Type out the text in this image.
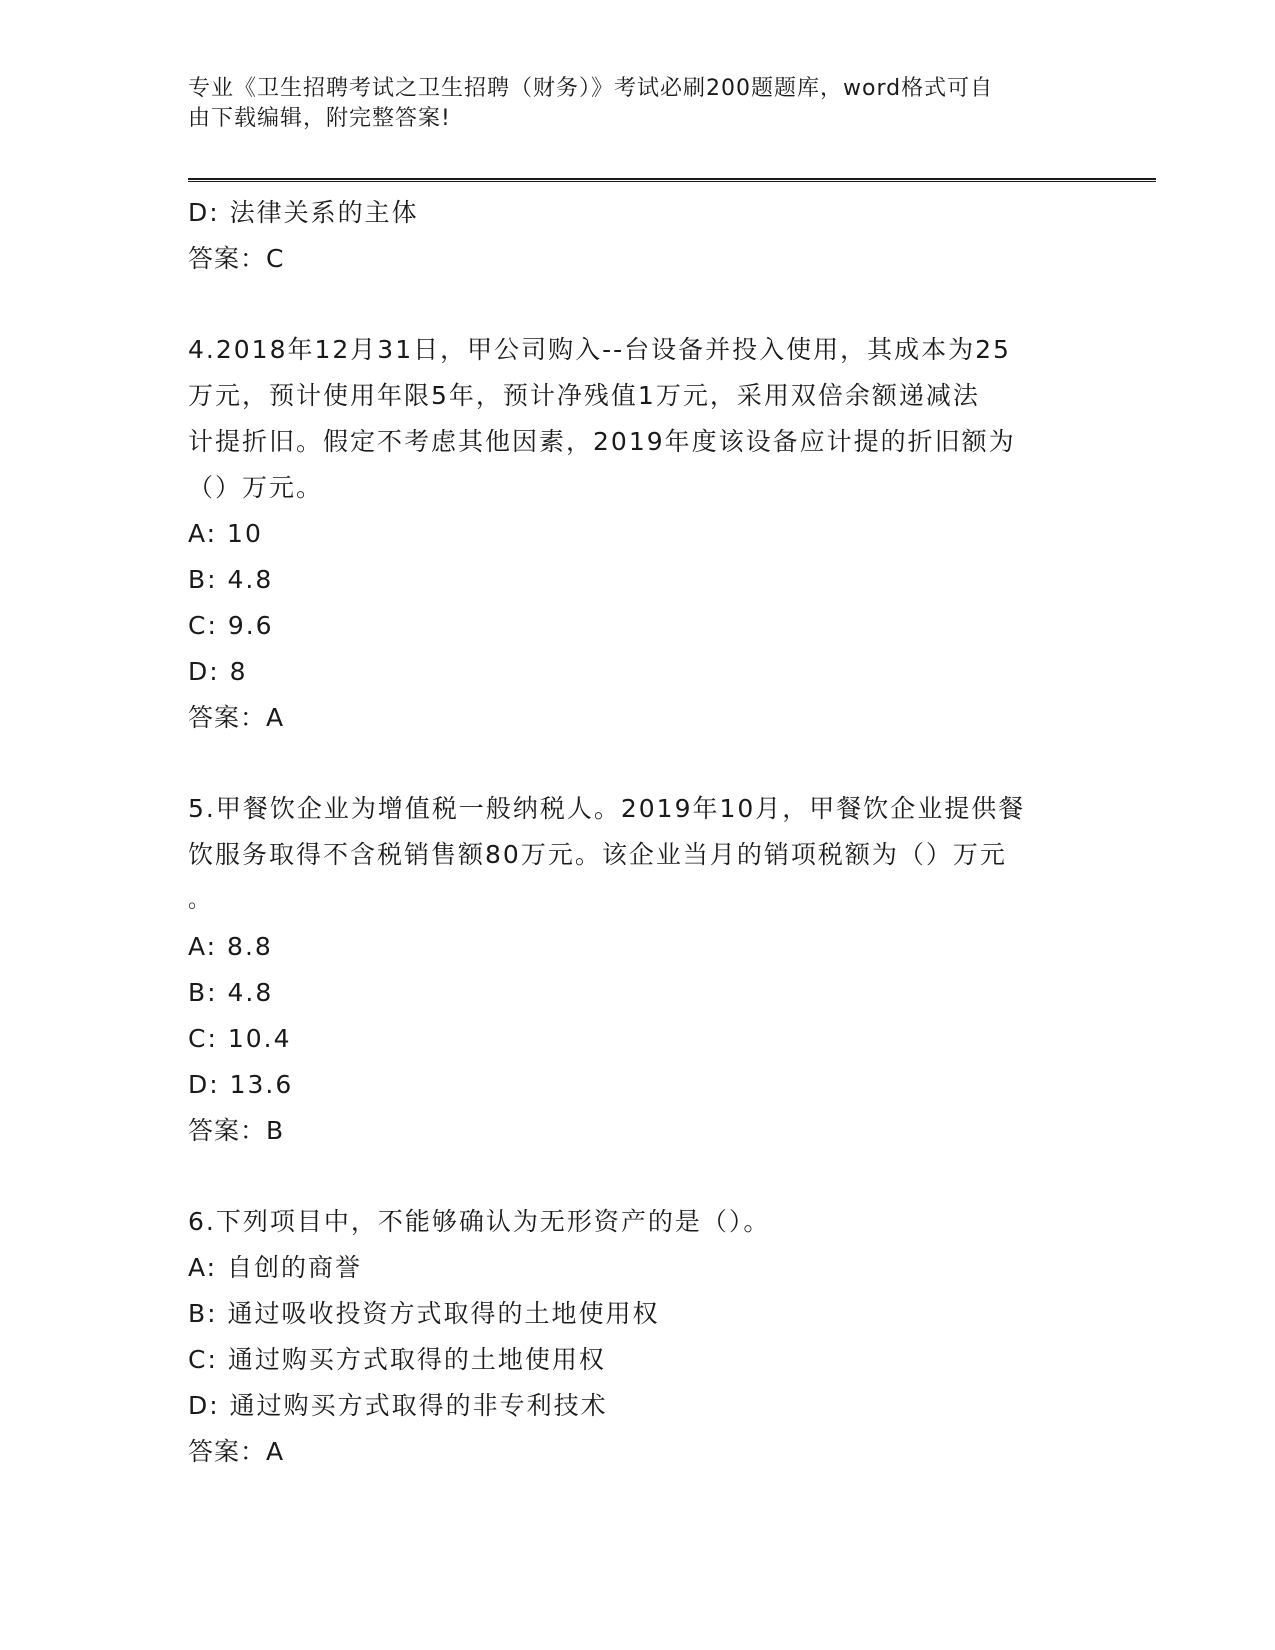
专业《卫生招聘考试之卫生招聘（财务）》考试必刷200题题库，word格式可自

由下载编辑，附完整答案!

D: 法律关系的主体

答案：C

4.2018年12月31日，甲公司购入--台设备并投入使用，其成本为25

万元，预计使用年限5年，预计净残值1万元，采用双倍余额递减法

计提折旧。假定不考虑其他因素，2019年度该设备应计提的折旧额为

（）万元。

A: 10

B: 4.8

C: 9.6

D: 8

答案：A

5.甲餐饮企业为增值税一般纳税人。2019年10月，甲餐饮企业提供餐

饮服务取得不含税销售额80万元。该企业当月的销项税额为（）万元

。

A: 8.8

B: 4.8

C: 10.4

D: 13.6

答案：B

6.下列项目中，不能够确认为无形资产的是（）。

A: 自创的商誉

B: 通过吸收投资方式取得的土地使用权

C: 通过购买方式取得的土地使用权

D: 通过购买方式取得的非专利技术

答案：A
